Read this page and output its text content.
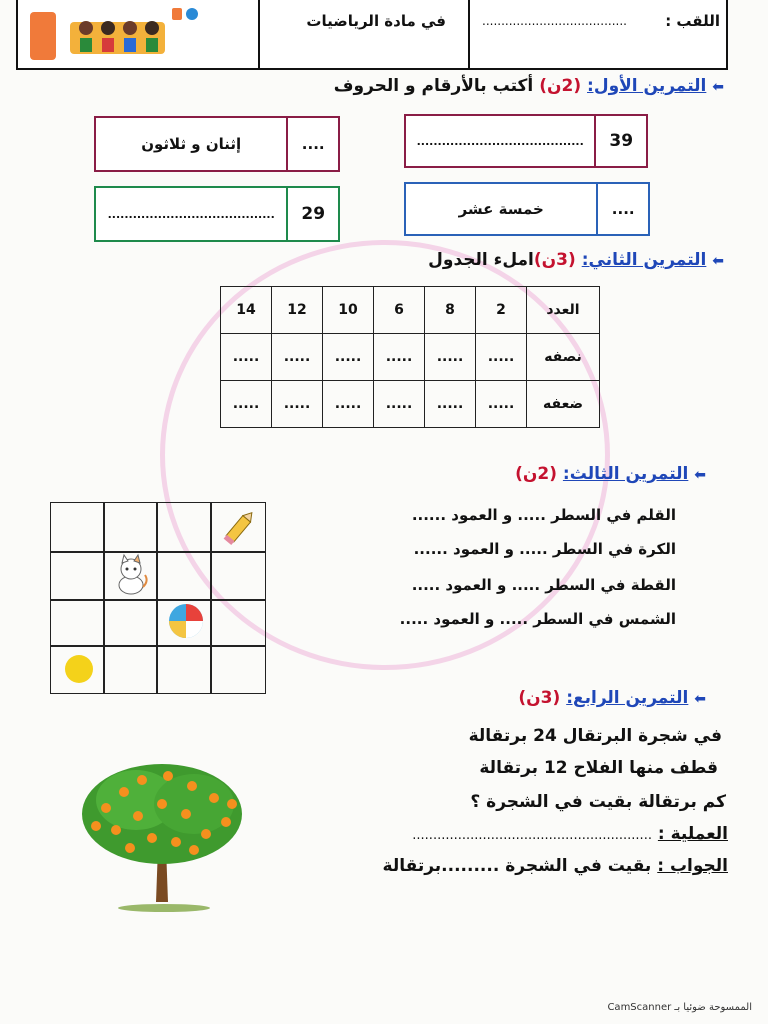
في مادة الرياضيات	اللقب :
......................................
⬅ التمرين الأول: (2ن) أكتب بالأرقام و الحروف
........................................	39
إثنان و ثلاثون	....
خمسة عشر	....
........................................	29
⬅ التمرين الثاني: (3ن)املء الجدول
العدد	2	8	6	10	12	14
نصفه	.....	.....	.....	.....	.....	.....
ضعفه	.....	.....	.....	.....	.....	.....
⬅ التمرين الثالث: (2ن)
القلم في السطر ..... و العمود ......
الكرة في السطر ..... و العمود ......
القطة في السطر ..... و العمود .....
الشمس في السطر ..... و العمود .....
⬅ التمرين الرابع: (3ن)
في شجرة البرتقال 24 برتقالة
قطف منها الفلاح 12 برتقالة
كم برتقالة بقيت في الشجرة ؟
العملية : ..........................................................
الجواب : بقيت في الشجرة .........برتقالة
الممسوحة ضوئيا بـ CamScanner
